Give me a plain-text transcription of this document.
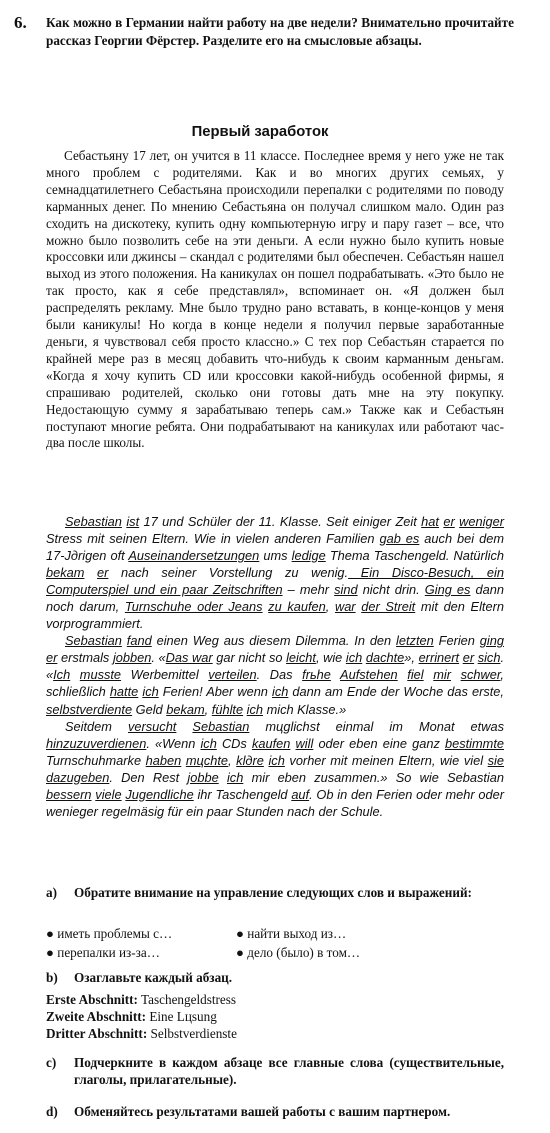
6. Как можно в Германии найти работу на две недели? Внимательно прочитайте рассказ Георгии Фёрстер. Разделите его на смысловые абзацы.
Первый заработок
Себастьяну 17 лет, он учится в 11 классе. Последнее время у него уже не так много проблем с родителями. Как и во многих других семьях, у семнадцатилетнего Себастьяна происходили перепалки с родителями по поводу карманных денег. По мнению Себастьяна он получал слишком мало. Один раз сходить на дискотеку, купить одну компьютерную игру и пару газет – все, что можно было позволить себе на эти деньги. А если нужно было купить новые кроссовки или джинсы – скандал с родителями был обеспечен. Себастьян нашел выход из этого положения. На каникулах он пошел подрабатывать. «Это было не так просто, как я себе представлял», вспоминает он. «Я должен был распределять рекламу. Мне было трудно рано вставать, в конце-концов у меня были каникулы! Но когда в конце недели я получил первые заработанные деньги, я чувствовал себя просто классно.» С тех пор Себастьян старается по крайней мере раз в месяц добавить что-нибудь к своим карманным деньгам. «Когда я хочу купить CD или кроссовки какой-нибудь особенной фирмы, я спрашиваю родителей, сколько они готовы дать мне на эту покупку. Недостающую сумму я зарабатываю теперь сам.» Также как и Себастьян поступают многие ребята. Они подрабатывают на каникулах или работают час-два после школы.

Sebastian ist 17 und Schüler der 11. Klasse. Seit einiger Zeit hat er weniger Stress mit seinen Eltern. Wie in vielen anderen Familien gab es auch bei dem 17-Jдrigen oft Auseinandersetzungen ums ledige Thema Taschengeld. Natürlich bekam er nach seiner Vorstellung zu wenig. Ein Disco-Besuch, ein Computerspiel und ein paar Zeitschriften – mehr sind nicht drin. Ging es dann noch darum, Turnschuhe oder Jeans zu kaufen, war der Streit mit den Eltern vorprogrammiert.

Sebastian fand einen Weg aus diesem Dilemma. In den letzten Ferien ging er erstmals jobben. «Das war gar nicht so leicht, wie ich dachte», errinert er sich. «Ich musste Werbemittel verteilen. Das frьhe Aufstehen fiel mir schwer, schließlich hatte ich Ferien! Aber wenn ich dann am Ende der Woche das erste, selbstverdiente Geld bekam, fühlte ich mich Klasse.»

Seitdem versucht Sebastian mцglichst einmal im Monat etwas hinzuzuverdienen. «Wenn ich CDs kaufen will oder eben eine ganz bestimmte Turnschuhmarke haben mцchte, klдre ich vorher mit meinen Eltern, wie viel sie dazugeben. Den Rest jobbe ich mir eben zusammen.» So wie Sebastian bessern viele Jugendliche ihr Taschengeld auf. Ob in den Ferien oder mehr oder wenieger regelmäsig für ein paar Stunden nach der Schule.

a)	Обратите внимание на управление следующих слов и выражений:
● иметь проблемы с…	● найти выход из…
● перепалки из-за…	● дело (было) в том…
b)	Озаглавьте каждый абзац.
Erste Abschnitt: Taschengeldstress
Zweite Abschnitt: Eine Lцsung
Dritter Abschnitt: Selbstverdienste
c)	Подчеркните в каждом абзаце все главные слова (существительные, глаголы, прилагательные).
d)	Обменяйтесь результатами вашей работы с вашим партнером.
